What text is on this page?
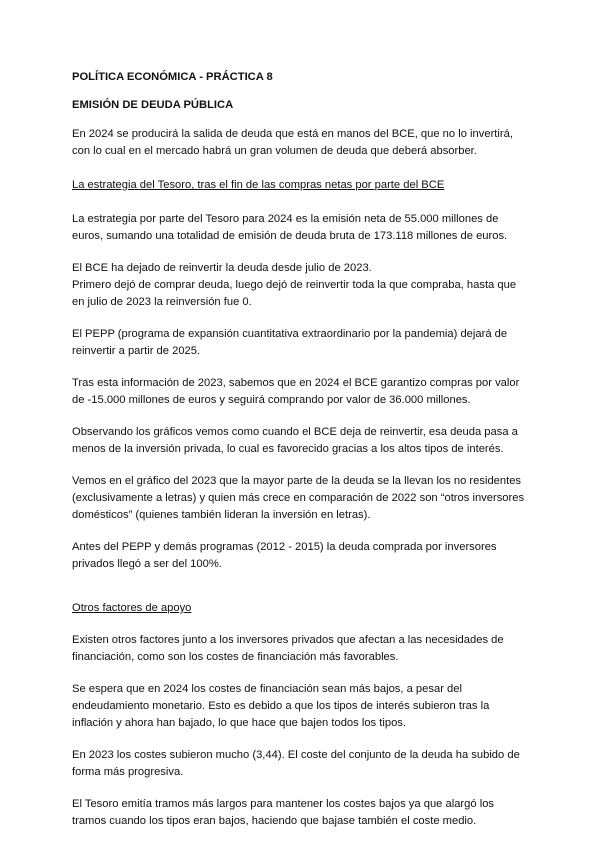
POLÍTICA ECONÓMICA - PRÁCTICA 8

EMISIÓN DE DEUDA PÚBLICA

En 2024 se producirá la salida de deuda que está en manos del BCE, que no lo invertirá,
con lo cual en el mercado habrá un gran volumen de deuda que deberá absorber.

La estrategia del Tesoro, tras el fin de las compras netas por parte del BCE

La estrategia por parte del Tesoro para 2024 es la emisión neta de 55.000 millones de
euros, sumando una totalidad de emisión de deuda bruta de 173.118 millones de euros.

El BCE ha dejado de reinvertir la deuda desde julio de 2023.
Primero dejó de comprar deuda, luego dejó de reinvertir toda la que compraba, hasta que
en julio de 2023 la reinversión fue 0.

El PEPP (programa de expansión cuantitativa extraordinario por la pandemia) dejará de
reinvertir a partir de 2025.

Tras esta información de 2023, sabemos que en 2024 el BCE garantizo compras por valor
de -15.000 millones de euros y seguirá comprando por valor de 36.000 millones.

Observando los gráficos vemos como cuando el BCE deja de reinvertir, esa deuda pasa a
menos de la inversión privada, lo cual es favorecido gracias a los altos tipos de interés.

Vemos en el gráfico del 2023 que la mayor parte de la deuda se la llevan los no residentes
(exclusivamente a letras) y quien más crece en comparación de 2022 son “otros inversores
domésticos” (quienes también lideran la inversión en letras).

Antes del PEPP y demás programas (2012 - 2015) la deuda comprada por inversores
privados llegó a ser del 100%.

Otros factores de apoyo

Existen otros factores junto a los inversores privados que afectan a las necesidades de
financiación, como son los costes de financiación más favorables.

Se espera que en 2024 los costes de financiación sean más bajos, a pesar del
endeudamiento monetario. Esto es debido a que los tipos de interés subieron tras la
inflación y ahora han bajado, lo que hace que bajen todos los tipos.

En 2023 los costes subieron mucho (3,44). El coste del conjunto de la deuda ha subido de
forma más progresiva.

El Tesoro emitía tramos más largos para mantener los costes bajos ya que alargó los
tramos cuando los tipos eran bajos, haciendo que bajase también el coste medio.
